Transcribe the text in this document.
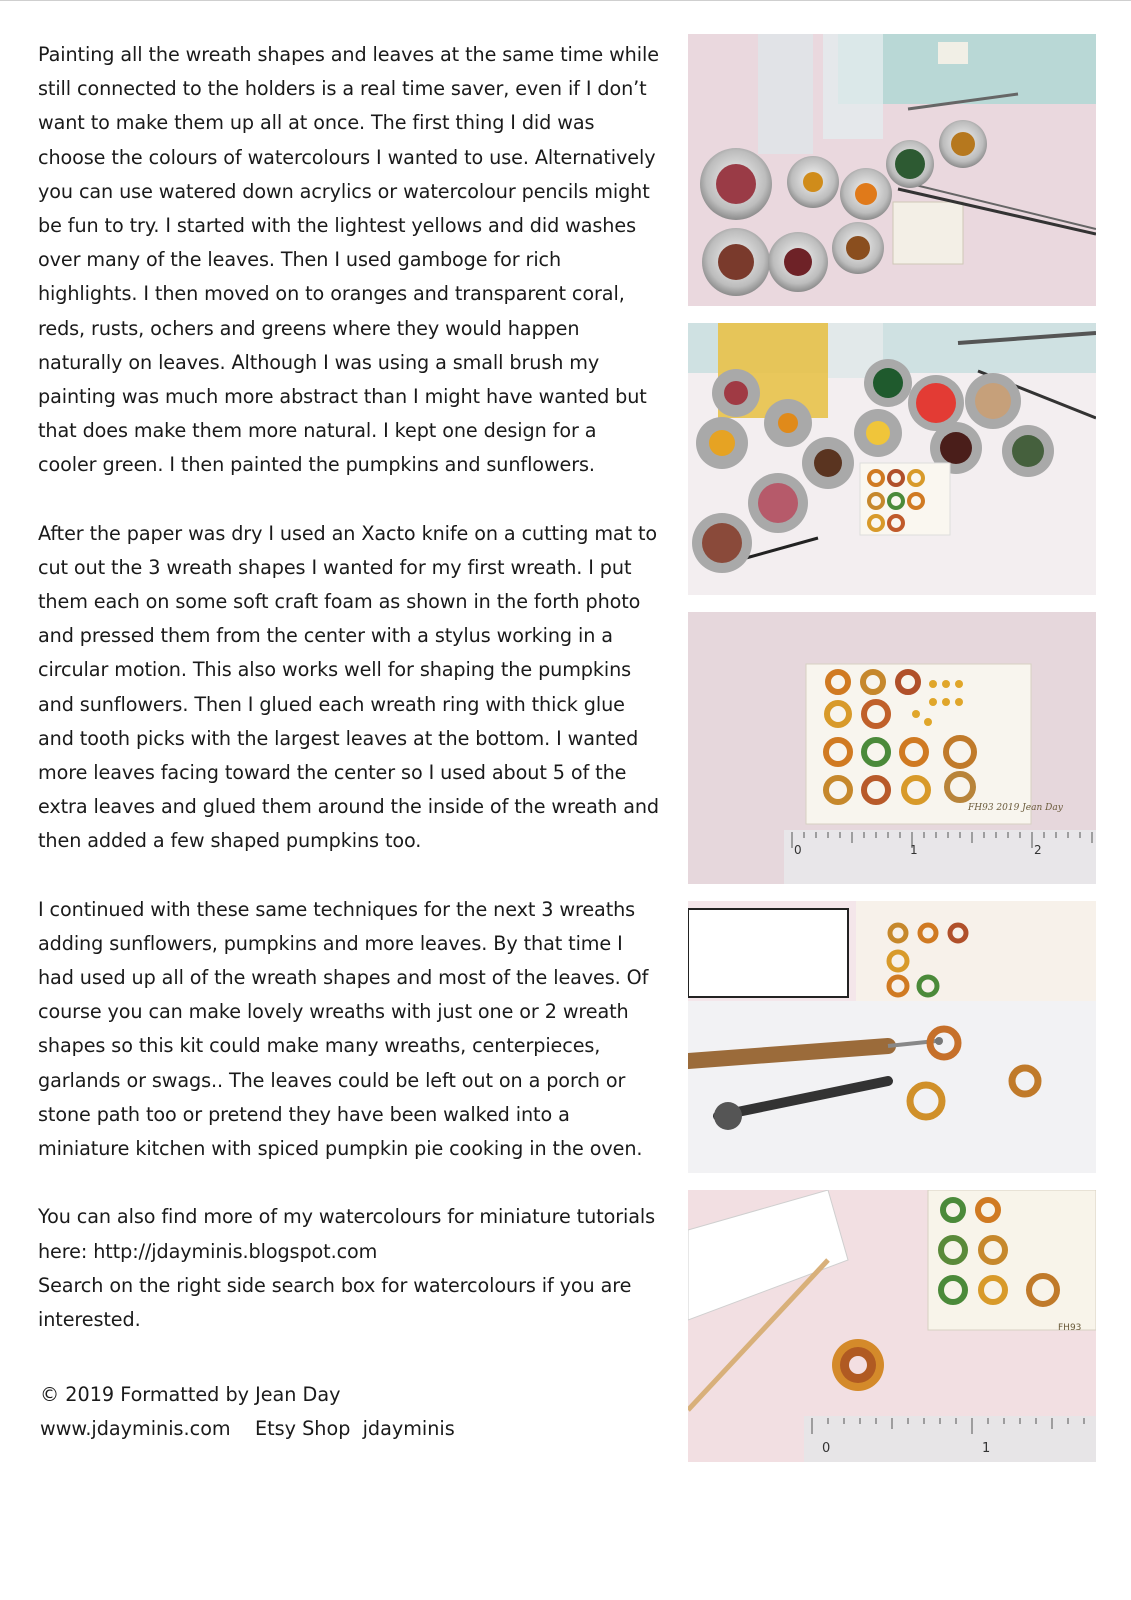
Painting all the wreath shapes and leaves at the same time while still connected to the holders is a real time saver, even if I don’t want to make them up all at once. The first thing I did was choose the colours of watercolours I wanted to use. Alternatively you can use watered down acrylics or watercolour pencils might be fun to try. I started with the lightest yellows and did washes over many of the leaves. Then I used gamboge for rich highlights. I then moved on to oranges and transparent coral, reds, rusts, ochers and greens where they would happen naturally on leaves. Although I was using a small brush my painting was much more abstract than I might have wanted but that does make them more natural. I kept one design for a cooler green. I then painted the pumpkins and sunflowers.

After the paper was dry I used an Xacto knife on a cutting mat to cut out the 3 wreath shapes I wanted for my first wreath. I put them each on some soft craft foam as shown in the forth photo and pressed them from the center with a stylus working in a circular motion. This also works well for shaping the pumpkins and sunflowers. Then I glued each wreath ring with thick glue and tooth picks with the largest leaves at the bottom. I wanted more leaves facing toward the center so I used about 5 of the extra leaves and glued them around the inside of the wreath and then added a few shaped pumpkins too.

I continued with these same techniques for the next 3 wreaths adding sunflowers, pumpkins and more leaves. By that time I had used up all of the wreath shapes and most of the leaves. Of course you can make lovely wreaths with just one or 2 wreath shapes so this kit could make many wreaths, centerpieces, garlands or swags.. The leaves could be left out on a porch or stone path too or pretend they have been walked into a miniature kitchen with spiced pumpkin pie cooking in the oven.

You can also find more of my watercolours for miniature tutorials here: http://jdayminis.blogspot.com
Search on the right side search box for watercolours if you are interested.

© 2019 Formatted by Jean Day
www.jdayminis.com    Etsy Shop  jdayminis
FH93 2019 Jean Day
0	1	2
FH93
0	1
